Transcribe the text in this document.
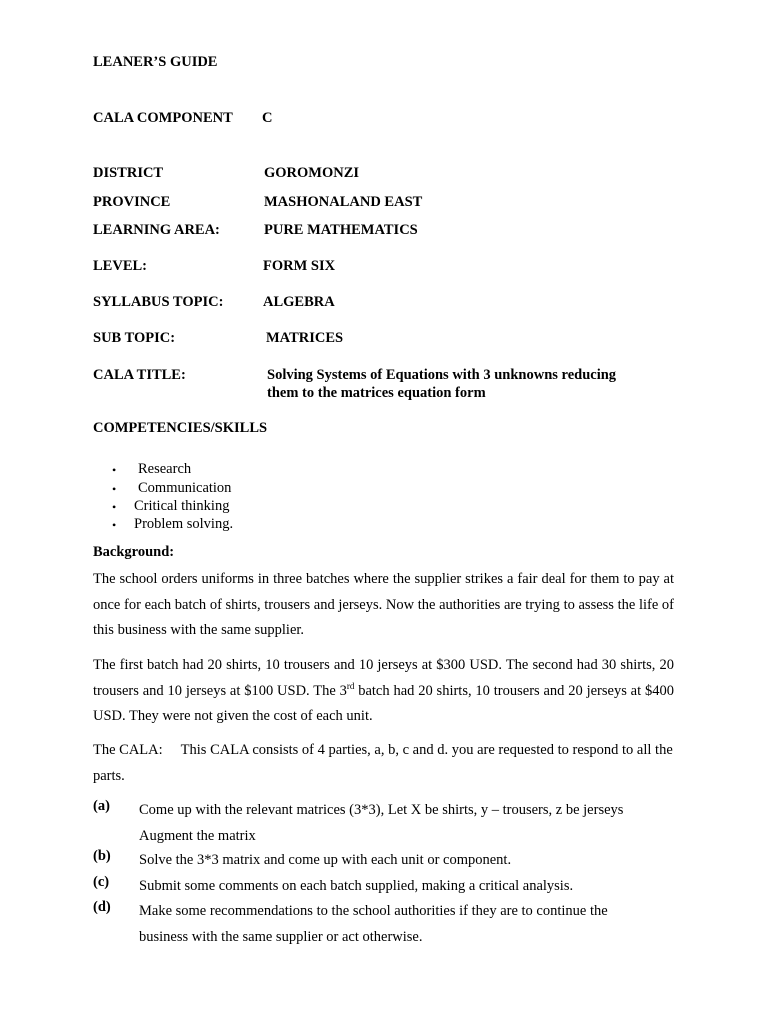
LEANER’S GUIDE
CALA COMPONENT C
DISTRICT	GOROMONZI
PROVINCE	MASHONALAND EAST
LEARNING AREA:	PURE MATHEMATICS
LEVEL:	FORM SIX
SYLLABUS TOPIC:	ALGEBRA
SUB TOPIC:	MATRICES
CALA TITLE:	Solving Systems of Equations with 3 unknowns reducing
them to the matrices equation form
COMPETENCIES/SKILLS
• Research
• Communication
• Critical thinking
• Problem solving.
Background:
The school orders uniforms in three batches where the supplier strikes a fair deal for them to pay at once for each batch of shirts, trousers and jerseys. Now the authorities are trying to assess the life of this business with the same supplier.
The first batch had 20 shirts, 10 trousers and 10 jerseys at $300 USD. The second had 30 shirts, 20 trousers and 10 jerseys at $100 USD. The 3rd batch had 20 shirts, 10 trousers and 20 jerseys at $400 USD. They were not given the cost of each unit.
The CALA: This CALA consists of 4 parties, a, b, c and d. you are requested to respond to all the parts.
(a) Come up with the relevant matrices (3*3), Let X be shirts, y – trousers, z be jerseys Augment the matrix
(b) Solve the 3*3 matrix and come up with each unit or component.
(c) Submit some comments on each batch supplied, making a critical analysis.
(d) Make some recommendations to the school authorities if they are to continue the business with the same supplier or act otherwise.
